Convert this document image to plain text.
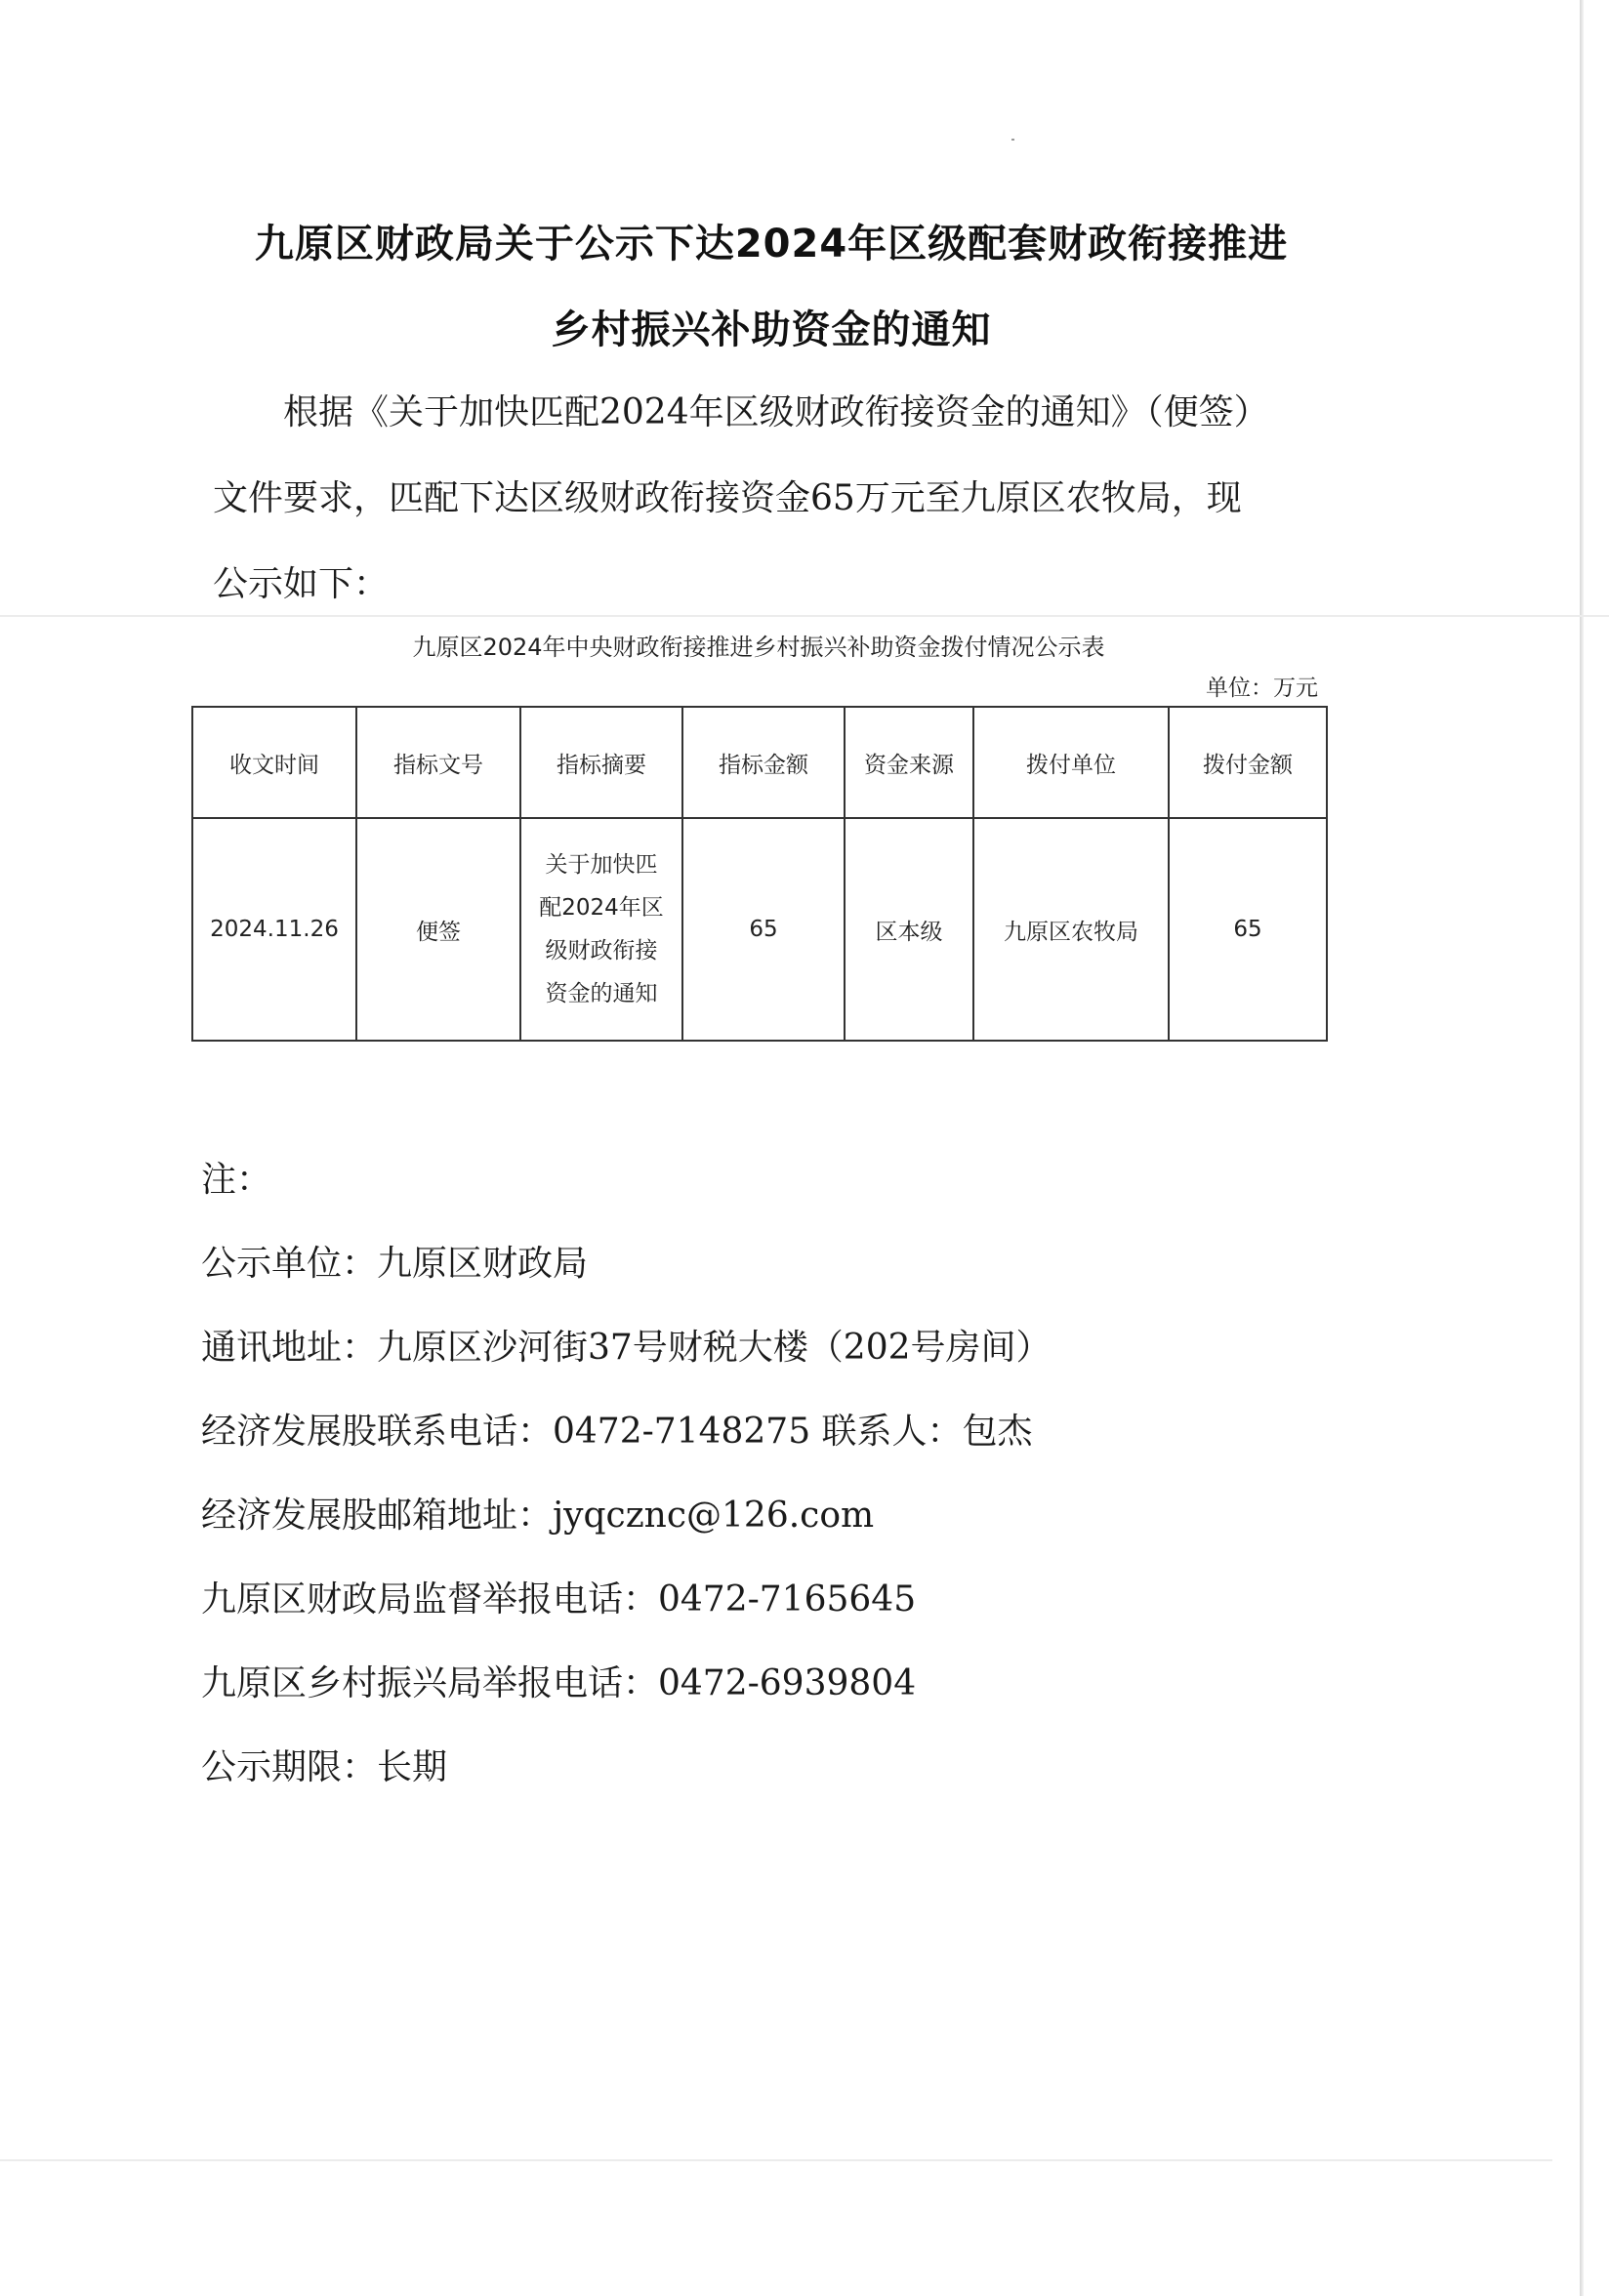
九原区财政局关于公示下达2024年区级配套财政衔接推进
乡村振兴补助资金的通知
根据《关于加快匹配2024年区级财政衔接资金的通知》（便签）
文件要求，匹配下达区级财政衔接资金65万元至九原区农牧局，现
公示如下：
九原区2024年中央财政衔接推进乡村振兴补助资金拨付情况公示表
单位：万元
收文时间	指标文号	指标摘要	指标金额	资金来源	拨付单位	拨付金额
2024.11.26	便签	关于加快匹
配2024年区
级财政衔接
资金的通知	65	区本级	九原区农牧局	65
注：
公示单位：九原区财政局
通讯地址：九原区沙河街37号财税大楼（202号房间）
经济发展股联系电话：0472-7148275 联系人：包杰
经济发展股邮箱地址：jyqcznc@126.com
九原区财政局监督举报电话：0472-7165645
九原区乡村振兴局举报电话：0472-6939804
公示期限：长期
